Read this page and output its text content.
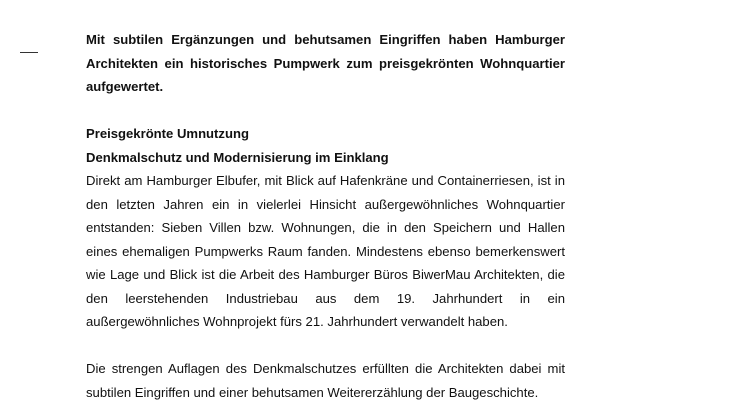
Mit subtilen Ergänzungen und behutsamen Eingriffen haben Hamburger Architekten ein historisches Pumpwerk zum preisgekrönten Wohnquartier aufgewertet.

Preisgekrönte Umnutzung

Denkmalschutz und Modernisierung im Einklang

Direkt am Hamburger Elbufer, mit Blick auf Hafenkräne und Containerriesen, ist in den letzten Jahren ein in vielerlei Hinsicht außergewöhnliches Wohnquartier entstanden: Sieben Villen bzw. Wohnungen, die in den Speichern und Hallen eines ehemaligen Pumpwerks Raum fanden. Mindestens ebenso bemerkenswert wie Lage und Blick ist die Arbeit des Hamburger Büros BiwerMau Architekten, die den leerstehenden Industriebau aus dem 19. Jahrhundert in ein außergewöhnliches Wohnprojekt fürs 21. Jahrhundert verwandelt haben.

Die strengen Auflagen des Denkmalschutzes erfüllten die Architekten dabei mit subtilen Eingriffen und einer behutsamen Weitererzählung der Baugeschichte.
